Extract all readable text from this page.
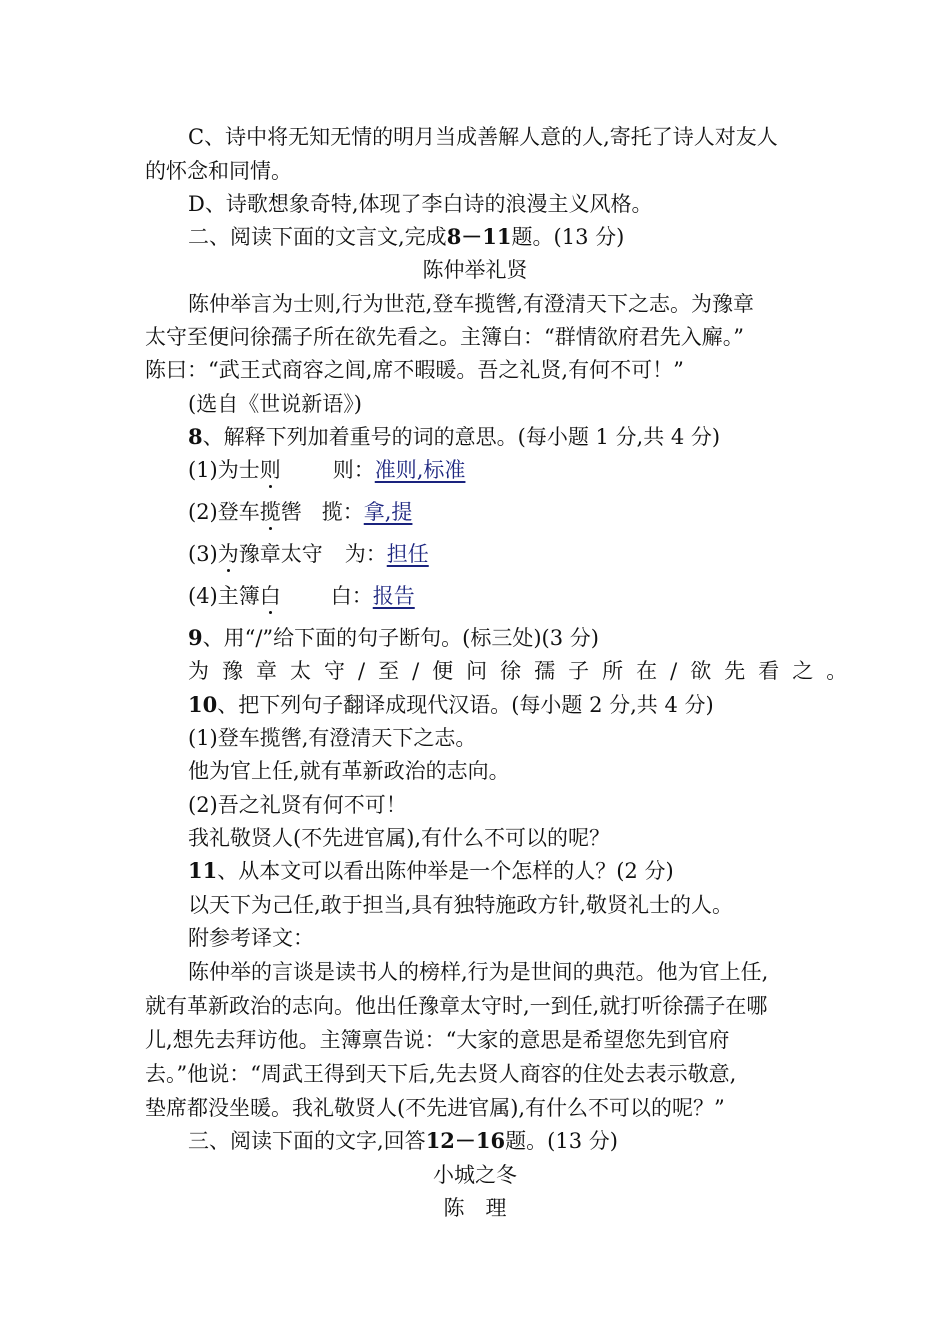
C、诗中将无知无情的明月当成善解人意的人,寄托了诗人对友人
的怀念和同情。
D、诗歌想象奇特,体现了李白诗的浪漫主义风格。
二、阅读下面的文言文,完成8－11题。(13 分)
陈仲举礼贤
陈仲举言为士则,行为世范,登车揽辔,有澄清天下之志。为豫章
太守至便问徐孺子所在欲先看之。主簿白：“群情欲府君先入廨。”
陈曰：“武王式商容之闾,席不暇暖。吾之礼贤,有何不可！”
(选自《世说新语》)
8、解释下列加着重号的词的意思。(每小题 1 分,共 4 分)
(1)为士则 则：准则,标准
(2)登车揽辔 揽：拿,提
(3)为豫章太守 为：担任
(4)主簿白 白：报告
9、用“/”给下面的句子断句。(标三处)(3 分)
为豫章太守/至/便问徐孺子所在/欲先看之。
10、把下列句子翻译成现代汉语。(每小题 2 分,共 4 分)
(1)登车揽辔,有澄清天下之志。
他为官上任,就有革新政治的志向。
(2)吾之礼贤有何不可！
我礼敬贤人(不先进官属),有什么不可以的呢？
11、从本文可以看出陈仲举是一个怎样的人？(2 分)
以天下为己任,敢于担当,具有独特施政方针,敬贤礼士的人。
附参考译文：
陈仲举的言谈是读书人的榜样,行为是世间的典范。他为官上任,
就有革新政治的志向。他出任豫章太守时,一到任,就打听徐孺子在哪
儿,想先去拜访他。主簿禀告说：“大家的意思是希望您先到官府
去。”他说：“周武王得到天下后,先去贤人商容的住处去表示敬意,
垫席都没坐暖。我礼敬贤人(不先进官属),有什么不可以的呢？”
三、阅读下面的文字,回答12－16题。(13 分)
小城之冬
陈　理
